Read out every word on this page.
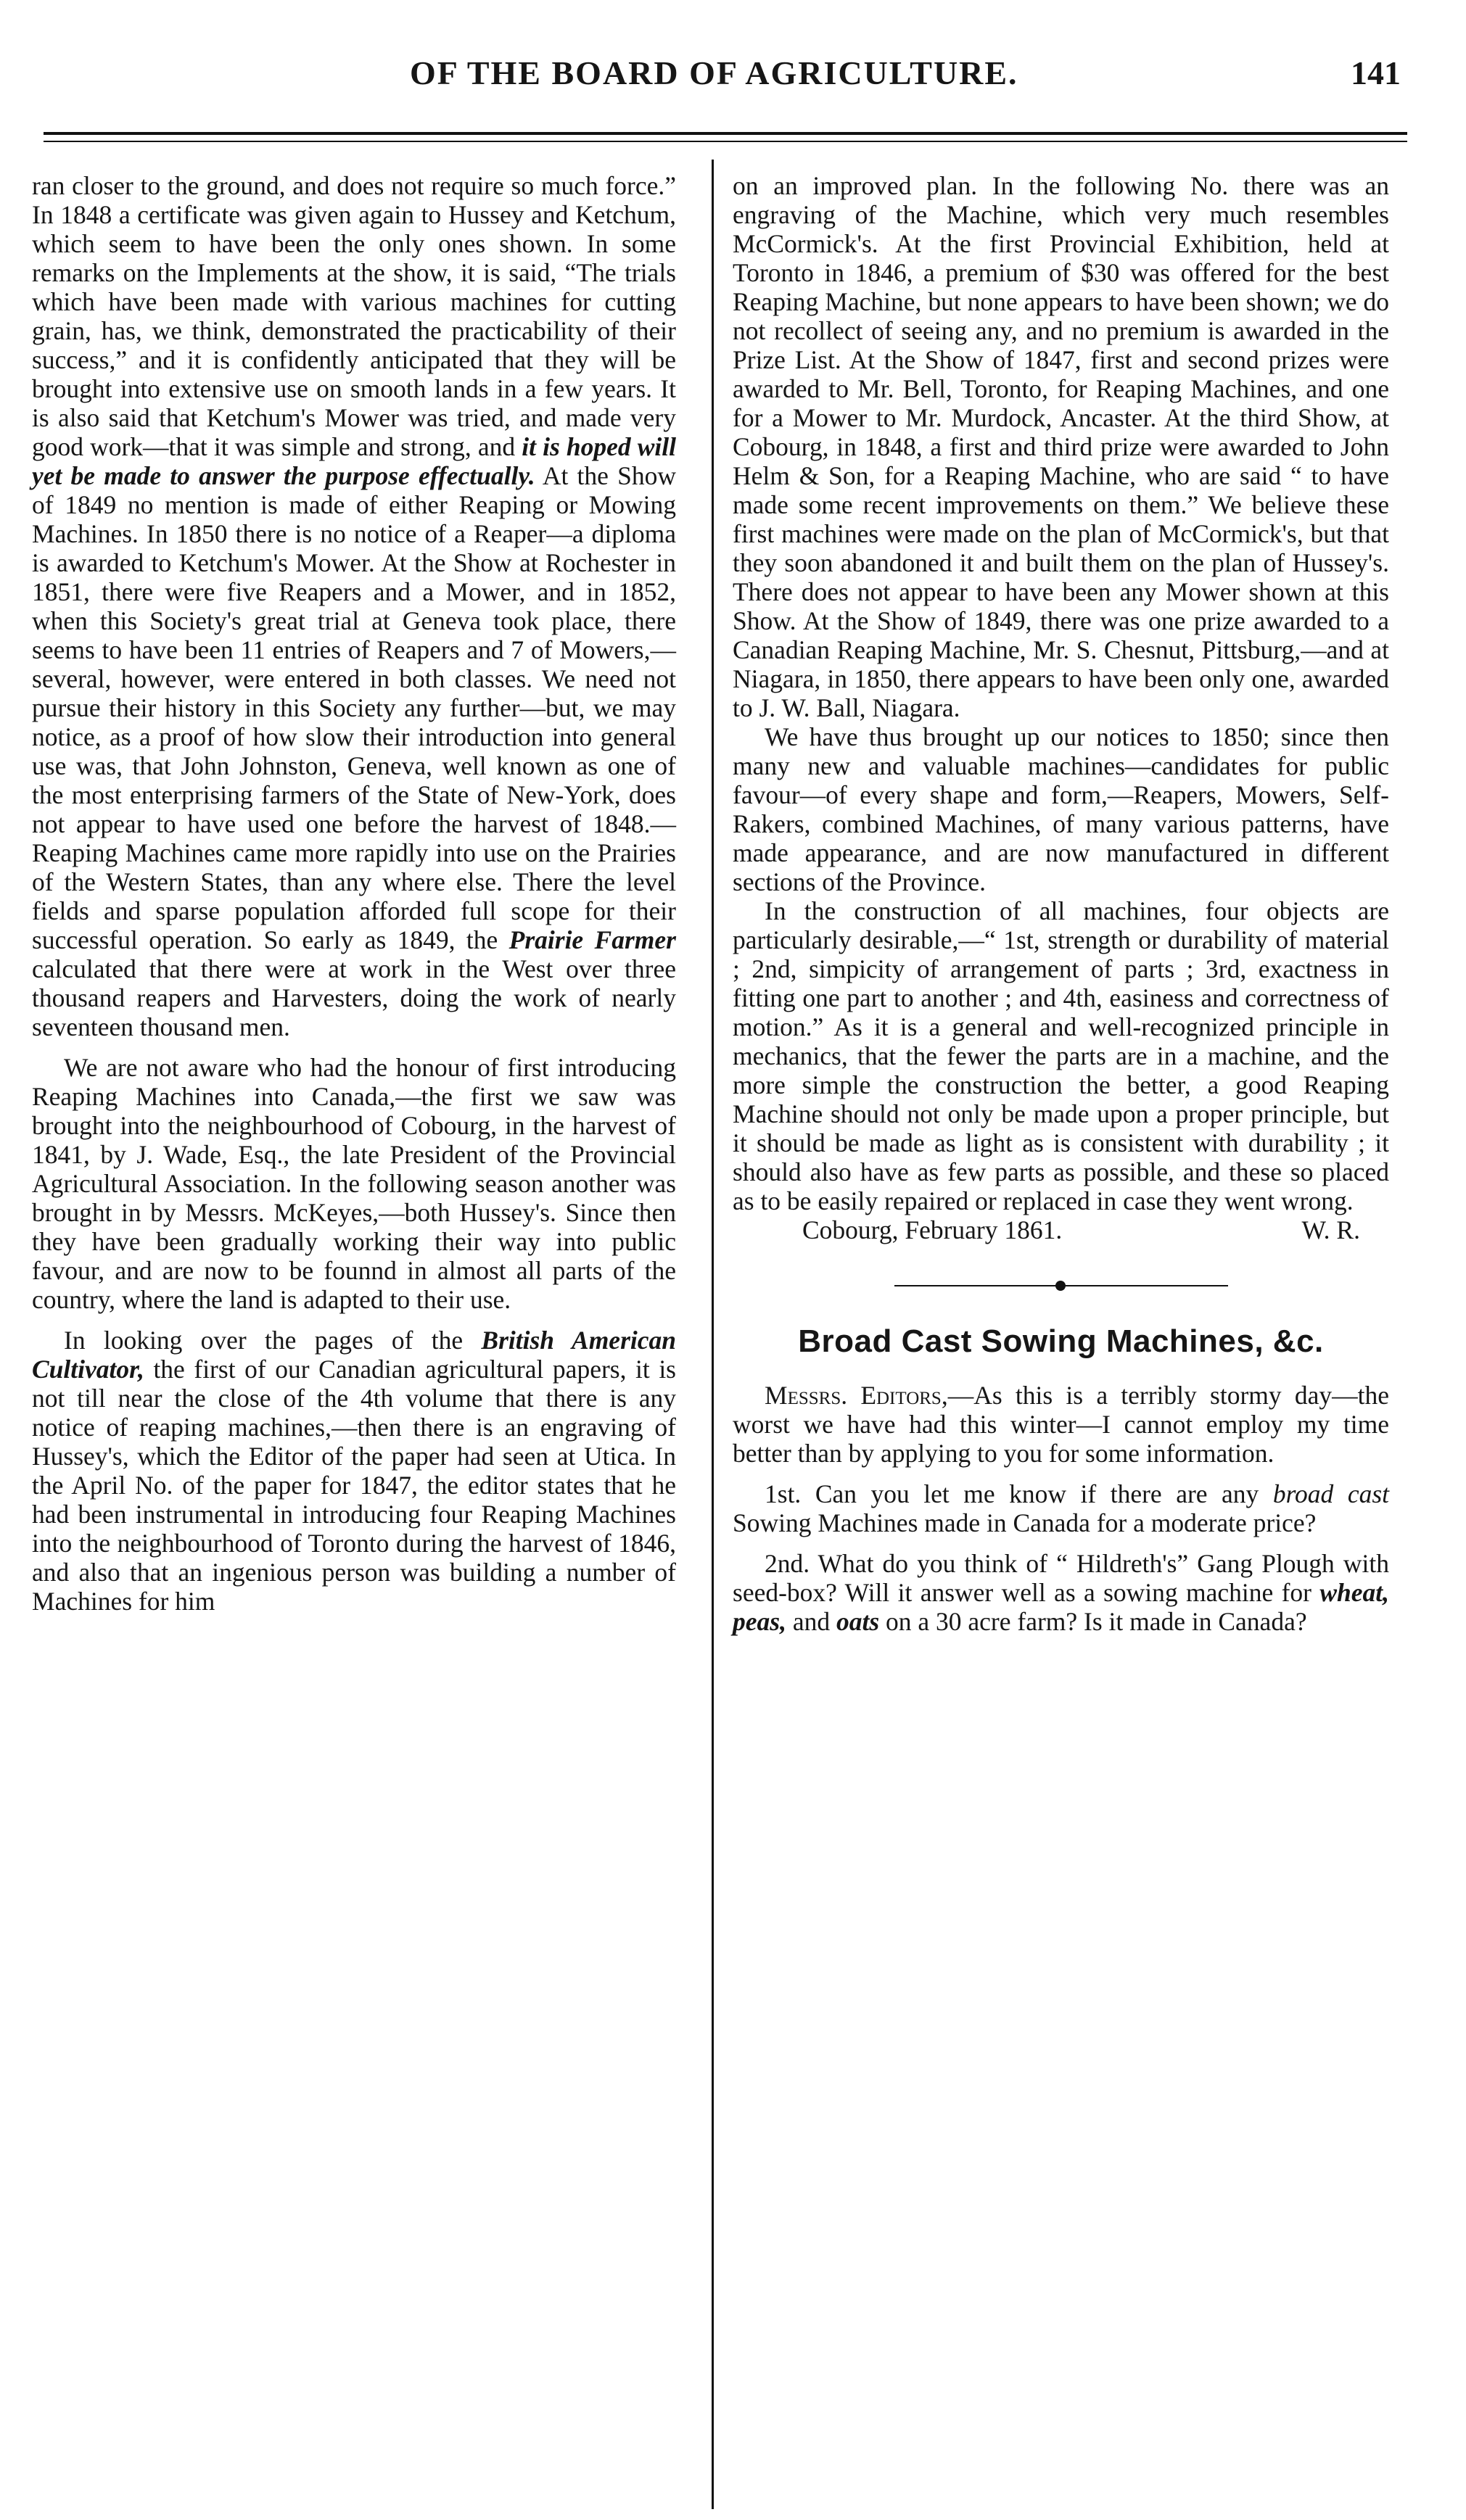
OF THE BOARD OF AGRICULTURE.	141

ran closer to the ground, and does not require so much force.” In 1848 a certificate was given again to Hussey and Ketchum, which seem to have been the only ones shown. In some remarks on the Implements at the show, it is said, “The trials which have been made with various machines for cutting grain, has, we think, demonstrated the practicability of their success,” and it is confidently anticipated that they will be brought into extensive use on smooth lands in a few years. It is also said that Ketchum's Mower was tried, and made very good work—that it was simple and strong, and it is hoped will yet be made to answer the purpose effectually. At the Show of 1849 no mention is made of either Reaping or Mowing Machines. In 1850 there is no notice of a Reaper—a diploma is awarded to Ketchum's Mower. At the Show at Rochester in 1851, there were five Reapers and a Mower, and in 1852, when this Society's great trial at Geneva took place, there seems to have been 11 entries of Reapers and 7 of Mowers,—several, however, were entered in both classes. We need not pursue their history in this Society any further—but, we may notice, as a proof of how slow their introduction into general use was, that John Johnston, Geneva, well known as one of the most enterprising farmers of the State of New-York, does not appear to have used one before the harvest of 1848.—Reaping Machines came more rapidly into use on the Prairies of the Western States, than any where else. There the level fields and sparse population afforded full scope for their successful operation. So early as 1849, the Prairie Farmer calculated that there were at work in the West over three thousand reapers and Harvesters, doing the work of nearly seventeen thousand men.

We are not aware who had the honour of first introducing Reaping Machines into Canada,—the first we saw was brought into the neighbourhood of Cobourg, in the harvest of 1841, by J. Wade, Esq., the late President of the Provincial Agricultural Association. In the following season another was brought in by Messrs. McKeyes,—both Hussey's. Since then they have been gradually working their way into public favour, and are now to be founnd in almost all parts of the country, where the land is adapted to their use.

In looking over the pages of the British American Cultivator, the first of our Canadian agricultural papers, it is not till near the close of the 4th volume that there is any notice of reaping machines,—then there is an engraving of Hussey's, which the Editor of the paper had seen at Utica. In the April No. of the paper for 1847, the editor states that he had been instrumental in introducing four Reaping Machines into the neighbourhood of Toronto during the harvest of 1846, and also that an ingenious person was building a number of Machines for him

on an improved plan. In the following No. there was an engraving of the Machine, which very much resembles McCormick's. At the first Provincial Exhibition, held at Toronto in 1846, a premium of $30 was offered for the best Reaping Machine, but none appears to have been shown; we do not recollect of seeing any, and no premium is awarded in the Prize List. At the Show of 1847, first and second prizes were awarded to Mr. Bell, Toronto, for Reaping Machines, and one for a Mower to Mr. Murdock, Ancaster. At the third Show, at Cobourg, in 1848, a first and third prize were awarded to John Helm & Son, for a Reaping Machine, who are said “ to have made some recent improvements on them.” We believe these first machines were made on the plan of McCormick's, but that they soon abandoned it and built them on the plan of Hussey's. There does not appear to have been any Mower shown at this Show. At the Show of 1849, there was one prize awarded to a Canadian Reaping Machine, Mr. S. Chesnut, Pittsburg,—and at Niagara, in 1850, there appears to have been only one, awarded to J. W. Ball, Niagara.

We have thus brought up our notices to 1850; since then many new and valuable machines—candidates for public favour—of every shape and form,—Reapers, Mowers, Self-Rakers, combined Machines, of many various patterns, have made appearance, and are now manufactured in different sections of the Province.

In the construction of all machines, four objects are particularly desirable,—“ 1st, strength or durability of material ; 2nd, simpicity of arrangement of parts ; 3rd, exactness in fitting one part to another ; and 4th, easiness and correctness of motion.” As it is a general and well-recognized principle in mechanics, that the fewer the parts are in a machine, and the more simple the construction the better, a good Reaping Machine should not only be made upon a proper principle, but it should be made as light as is consistent with durability ; it should also have as few parts as possible, and these so placed as to be easily repaired or replaced in case they went wrong.
W. R.

Cobourg, February 1861.

Broad Cast Sowing Machines, &c.

Messrs. Editors,—As this is a terribly stormy day—the worst we have had this winter—I cannot employ my time better than by applying to you for some information.

1st. Can you let me know if there are any broad cast Sowing Machines made in Canada for a moderate price?

2nd. What do you think of “ Hildreth's” Gang Plough with seed-box? Will it answer well as a sowing machine for wheat, peas, and oats on a 30 acre farm? Is it made in Canada?
